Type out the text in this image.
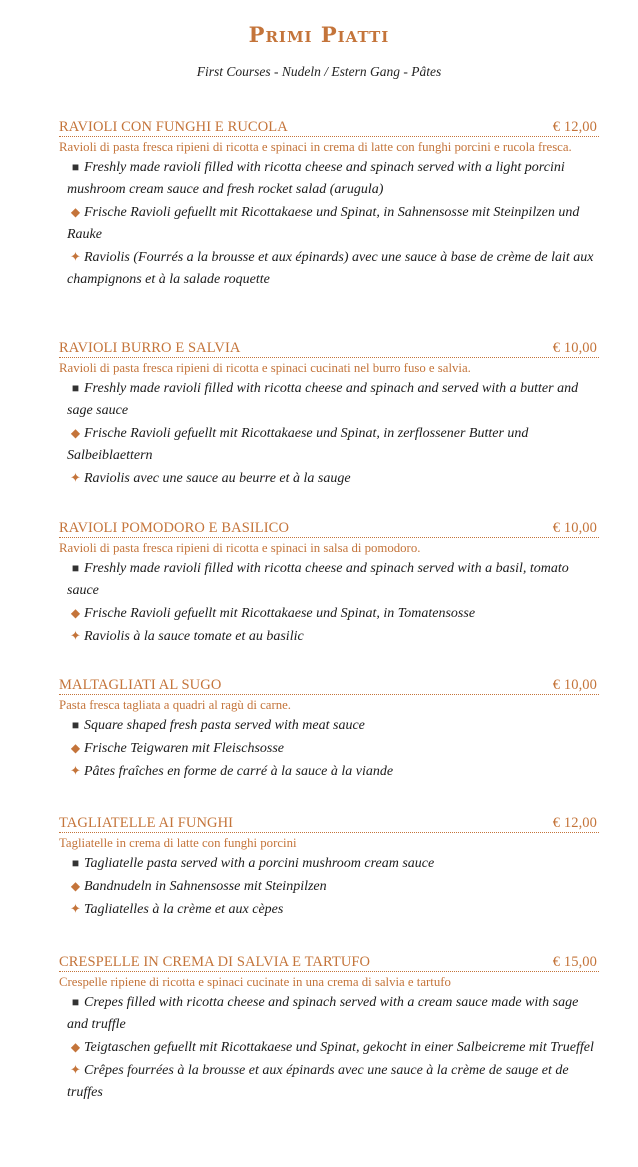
Primi Piatti
First Courses - Nudeln / Estern Gang - Pâtes
RAVIOLI CON FUNGHI E RUCOLA	€ 12,00
Ravioli di pasta fresca ripieni di ricotta e spinaci in crema di latte con funghi porcini e rucola fresca.
■ Freshly made ravioli filled with ricotta cheese and spinach served with a light porcini mushroom cream sauce and fresh rocket salad (arugula)
◆ Frische Ravioli gefuellt mit Ricottakaese und Spinat, in Sahnensosse mit Steinpilzen und Rauke
✦ Raviolis (Fourrés a la brousse et aux épinards) avec une sauce à base de crème de lait aux champignons et à la salade roquette
RAVIOLI BURRO E SALVIA	€ 10,00
Ravioli di pasta fresca ripieni di ricotta e spinaci cucinati nel burro fuso e salvia.
■ Freshly made ravioli filled with ricotta cheese and spinach and served with a butter and sage sauce
◆ Frische Ravioli gefuellt mit Ricottakaese und Spinat, in zerflossener Butter und Salbeiblaettern
✦ Raviolis avec une sauce au beurre et à la sauge
RAVIOLI POMODORO E BASILICO	€ 10,00
Ravioli di pasta fresca ripieni di ricotta e spinaci in salsa di pomodoro.
■ Freshly made ravioli filled with ricotta cheese and spinach served with a basil, tomato sauce
◆ Frische Ravioli gefuellt mit Ricottakaese und Spinat, in Tomatensosse
✦ Raviolis à la sauce tomate et au basilic
MALTAGLIATI AL SUGO	€ 10,00
Pasta fresca tagliata a quadri al ragù di carne.
■ Square shaped fresh pasta served with meat sauce
◆ Frische Teigwaren mit Fleischsosse
✦ Pâtes fraîches en forme de carré à la sauce à la viande
TAGLIATELLE AI FUNGHI	€ 12,00
Tagliatelle in crema di latte con funghi porcini
■ Tagliatelle pasta served with a porcini mushroom cream sauce
◆ Bandnudeln in Sahnensosse mit Steinpilzen
✦ Tagliatelles à la crème et aux cèpes
CRESPELLE IN CREMA DI SALVIA E TARTUFO	€ 15,00
Crespelle ripiene di ricotta e spinaci cucinate in una crema di salvia e tartufo
■ Crepes filled with ricotta cheese and spinach served with a cream sauce made with sage and truffle
◆ Teigtaschen gefuellt mit Ricottakaese und Spinat, gekocht in einer Salbeicreme mit Trueffel
✦ Crêpes fourrées à la brousse et aux épinards avec une sauce à la crème de sauge et de truffes
